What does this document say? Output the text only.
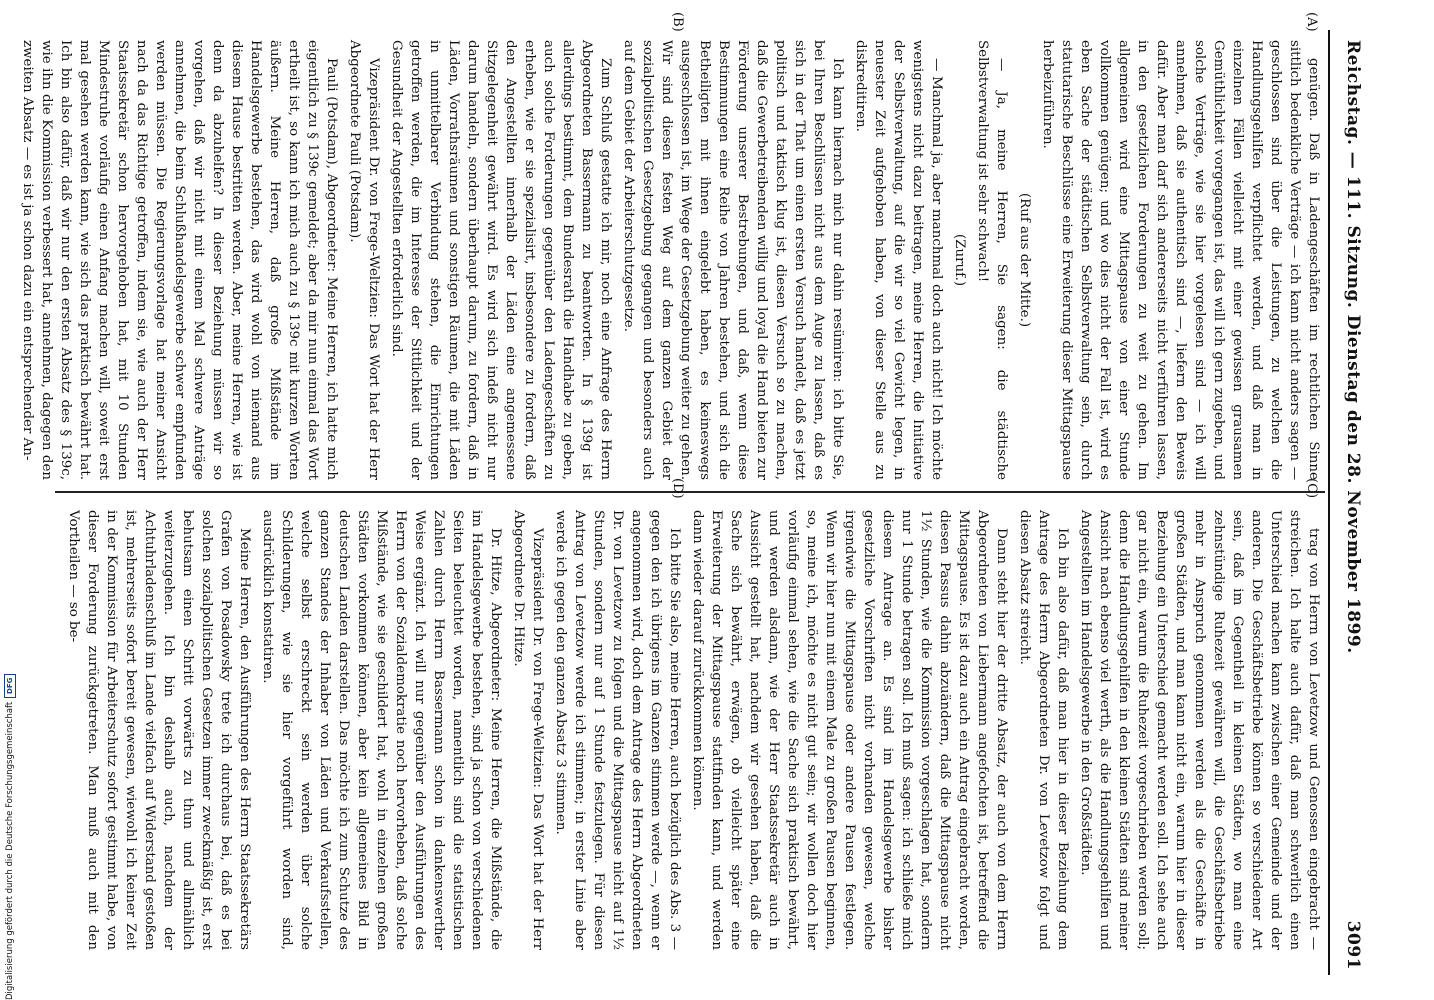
Reichstag. — 111. Sitzung. Dienstag den 28. November 1899.
3091
(A)
(B)
(C)
(D)

genügen. Daß in Ladengeschäften im rechtlichen Sinne sittlich bedenkliche Verträge — ich kann nicht anders sagen — geschlossen sind über die Leistungen, zu welchen die Handlungsgehilfen verpflichtet werden, und daß man in einzelnen Fällen vielleicht mit einer gewissen grausamen Gemüthlichkeit vorgegangen ist, das will ich gern zugeben, und solche Verträge, wie sie hier vorgelesen sind — ich will annehmen, daß sie authentisch sind —, liefern den Beweis dafür. Aber man darf sich andererseits nicht verführen lassen, in den gesetzlichen Forderungen zu weit zu gehen. Im allgemeinen wird eine Mittagspause von einer Stunde vollkommen genügen; und wo dies nicht der Fall ist, wird es eben Sache der städtischen Selbstverwaltung sein, durch statutarische Beschlüsse eine Erweiterung dieser Mittagspause herbeizuführen.

(Ruf aus der Mitte.)

— Ja, meine Herren, Sie sagen: die städtische Selbstverwaltung ist sehr schwach!

(Zuruf.)

— Manchmal ja, aber manchmal doch auch nicht! Ich möchte wenigstens nicht dazu beitragen, meine Herren, die Initiative der Selbstverwaltung, auf die wir so viel Gewicht legen, in neuester Zeit aufgehoben haben, von dieser Stelle aus zu diskreditiren.

Ich kann hiernach mich nur dahin resümiren: ich bitte Sie, bei Ihren Beschlüssen nicht aus dem Auge zu lassen, daß es sich in der That um einen ersten Versuch handelt, daß es jetzt politisch und taktisch klug ist, diesen Versuch so zu machen, daß die Gewerbetreibenden willig und loyal die Hand bieten zur Förderung unserer Bestrebungen, und daß, wenn diese Bestimmungen eine Reihe von Jahren bestehen, und sich die Betheiligten mit ihnen eingelebt haben, es keineswegs ausgeschlossen ist, im Wege der Gesetzgebung weiter zu gehen. Wir sind diesen festen Weg auf dem ganzen Gebiet der sozialpolitischen Gesetzgebung gegangen und besonders auch auf dem Gebiet der Arbeiterschutzgesetze.

Zum Schluß gestatte ich mir, noch eine Anfrage des Herrn Abgeordneten Bassermann zu beantworten. In § 139g ist allerdings bestimmt, dem Bundesrath die Handhabe zu geben, auch solche Forderungen gegenüber den Ladengeschäften zu erheben, wie er sie spezialisirt, insbesondere zu fordern, daß den Angestellten innerhalb der Läden eine angemessene Sitzgelegenheit gewährt wird. Es wird sich indeß nicht nur darum handeln, sondern überhaupt darum, zu fordern, daß in Läden, Vorrathsräumen und sonstigen Räumen, die mit Läden in unmittelbarer Verbindung stehen, die Einrichtungen getroffen werden, die im Interesse der Sittlichkeit und der Gesundheit der Angestellten erforderlich sind.

Vizepräsident Dr. von Frege-Weltzien: Das Wort hat der Herr Abgeordnete Pauli (Potsdam).

Pauli (Potsdam), Abgeordneter: Meine Herren, ich hatte mich eigentlich zu § 139c gemeldet; aber da mir nun einmal das Wort ertheilt ist, so kann ich mich auch zu § 139c mit kurzen Worten äußern. Meine Herren, daß große Mißstände im Handelsgewerbe bestehen, das wird wohl von niemand aus diesem Hause bestritten werden. Aber, meine Herren, wie ist denn da abzuhelfen? In dieser Beziehung müssen wir so vorgehen, daß wir nicht mit einem Mal schwere Anträge annehmen, die beim Schlußhandelsgewerbe schwer empfunden werden müssen. Die Regierungsvorlage hat meiner Ansicht nach da das Richtige getroffen, indem sie, wie auch der Herr Staatssekretär schon hervorgehoben hat, mit 10 Stunden Mindestruhe vorläufig einen Anfang machen will, soweit erst mal gesehen werden kann, wie sich das praktisch bewährt hat. Ich bin also dafür, daß wir nur den ersten Absatz des § 139c, wie ihn die Kommission verbessert hat, annehmen, dagegen den zweiten Absatz — es ist ja schon dazu ein entsprechender An-

trag von Herrn von Levetzow und Genossen eingebracht — streichen. Ich halte auch dafür, daß man schwerlich einen Unterschied machen kann zwischen einer Gemeinde und der anderen. Die Geschäftsbetriebe können so verschiedener Art sein, daß im Gegentheil in kleinen Städten, wo man eine zehnstündige Ruhezeit gewähren will, die Geschäftsbetriebe mehr in Anspruch genommen werden als die Geschäfte in großen Städten, und man kann nicht ein, warum hier in dieser Beziehung ein Unterschied gemacht werden soll. Ich sehe auch gar nicht ein, warum die Ruhezeit vorgeschrieben werden soll; denn die Handlungsgehilfen in den kleinen Städten sind meiner Ansicht nach ebenso viel werth, als die Handlungsgehilfen und Angestellten im Handelsgewerbe in den Großstädten.

Ich bin also dafür, daß man hier in dieser Beziehung dem Antrage des Herrn Abgeordneten Dr. von Levetzow folgt und diesen Absatz streicht.

Dann steht hier der dritte Absatz, der auch von dem Herrn Abgeordneten von Liebermann angefochten ist, betreffend die Mittagspause. Es ist dazu auch ein Antrag eingebracht worden, diesen Passus dahin abzuändern, daß die Mittagspause nicht 1½ Stunden, wie die Kommission vorgeschlagen hat, sondern nur 1 Stunde betragen soll. Ich muß sagen: ich schließe mich diesem Antrage an. Es sind im Handelsgewerbe bisher gesetzliche Vorschriften nicht vorhanden gewesen, welche irgendwie die Mittagspause oder andere Pausen festlegen. Wenn wir hier nun mit einem Male zu großen Pausen beginnen, so, meine ich, möchte es nicht gut sein; wir wollen doch hier vorläufig einmal sehen, wie die Sache sich praktisch bewährt, und werden alsdann, wie der Herr Staatssekretär auch in Aussicht gestellt hat, nachdem wir gesehen haben, daß die Sache sich bewährt, erwägen, ob vielleicht später eine Erweiterung der Mittagspause stattfinden kann, und werden dann wieder darauf zurückkommen können.

Ich bitte Sie also, meine Herren, auch bezüglich des Abs. 3 — gegen den ich übrigens im Ganzen stimmen werde —, wenn er angenommen wird, doch dem Antrage des Herrn Abgeordneten Dr. von Levetzow zu folgen und die Mittagspause nicht auf 1½ Stunden, sondern nur auf 1 Stunde festzulegen. Für diesen Antrag von Levetzow werde ich stimmen; in erster Linie aber werde ich gegen den ganzen Absatz 3 stimmen.

Vizepräsident Dr. von Frege-Weltzien: Das Wort hat der Herr Abgeordnete Dr. Hitze.

Dr. Hitze, Abgeordneter: Meine Herren, die Mißstände, die im Handelsgewerbe bestehen, sind ja schon von verschiedenen Seiten beleuchtet worden, namentlich sind die statistischen Zahlen durch Herrn Bassermann schon in dankenswerther Weise ergänzt. Ich will nur gegenüber den Ausführungen des Herrn von der Sozialdemokratie noch hervorheben, daß solche Mißstände, wie sie geschildert hat, wohl in einzelnen großen Städten vorkommen können, aber kein allgemeines Bild in deutschen Landen darstellen. Das möchte ich zum Schutze des ganzen Standes der Inhaber von Läden und Verkaufsstellen, welche selbst erschreckt sein werden über solche Schilderungen, wie sie hier vorgeführt worden sind, ausdrücklich konstatiren.

Meine Herren, den Ausführungen des Herrn Staatssekretärs Grafen von Posadowsky trete ich durchaus bei, daß es bei solchen sozialpolitischen Gesetzen immer zweckmäßig ist, erst behutsam einen Schritt vorwärts zu thun und allmählich weiterzugehen. Ich bin deshalb auch, nachdem der Achtuhrladenschluß im Lande vielfach auf Widerstand gestoßen ist, mehrerseits sofort bereit gewesen, wiewohl ich keiner Zeit in der Kommission für Arbeiterschutz sofort gestimmt habe, von dieser Forderung zurückgetreten. Man muß auch mit den Vortheilen — so be-

Digitalisierung gefördert durch die Deutsche Forschungsgemeinschaft
DFG
